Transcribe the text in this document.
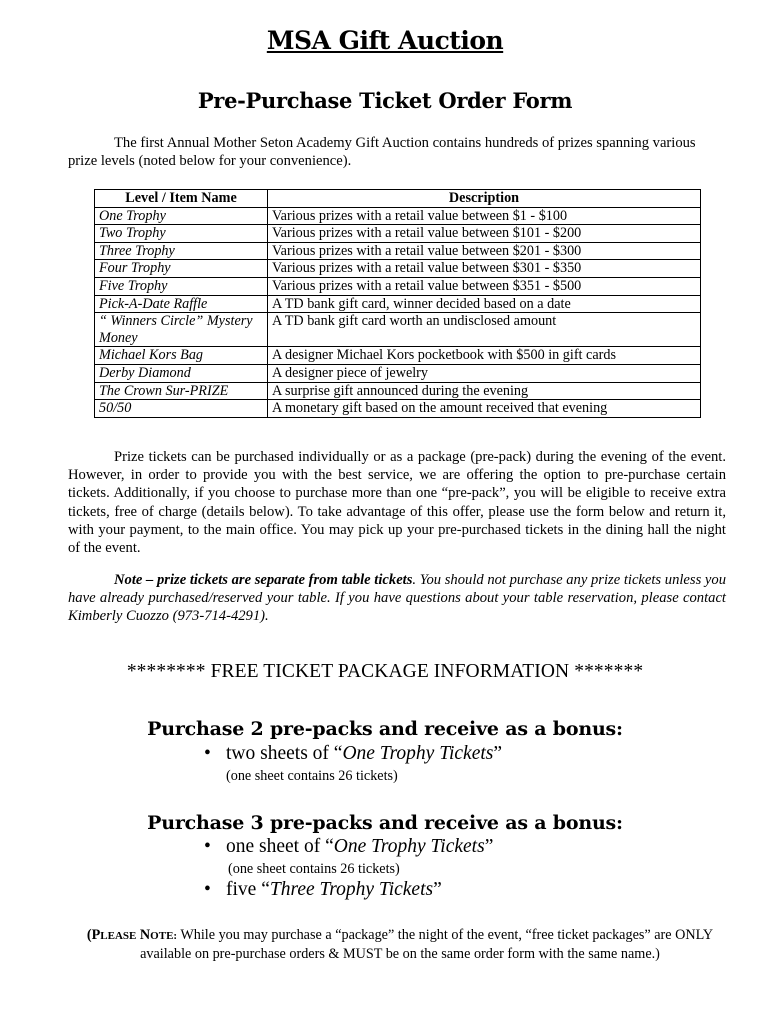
MSA Gift Auction
Pre-Purchase Ticket Order Form
The first Annual Mother Seton Academy Gift Auction contains hundreds of prizes spanning various prize levels (noted below for your convenience).
Level / Item Name	Description
One Trophy	Various prizes with a retail value between $1 - $100
Two Trophy	Various prizes with a retail value between $101 - $200
Three Trophy	Various prizes with a retail value between $201 - $300
Four Trophy	Various prizes with a retail value between $301 - $350
Five Trophy	Various prizes with a retail value between $351 - $500
Pick-A-Date Raffle	A TD bank gift card, winner decided based on a date
“ Winners Circle” Mystery Money	A TD bank gift card worth an undisclosed amount
Michael Kors Bag	A designer Michael Kors pocketbook with $500 in gift cards
Derby Diamond	A designer piece of jewelry
The Crown Sur-PRIZE	A surprise gift announced during the evening
50/50	A monetary gift based on the amount received that evening
Prize tickets can be purchased individually or as a package (pre-pack) during the evening of the event. However, in order to provide you with the best service, we are offering the option to pre-purchase certain tickets. Additionally, if you choose to purchase more than one “pre-pack”, you will be eligible to receive extra tickets, free of charge (details below). To take advantage of this offer, please use the form below and return it, with your payment, to the main office. You may pick up your pre-purchased tickets in the dining hall the night of the event.
Note – prize tickets are separate from table tickets. You should not purchase any prize tickets unless you have already purchased/reserved your table. If you have questions about your table reservation, please contact Kimberly Cuozzo (973-714-4291).
******** FREE TICKET PACKAGE INFORMATION *******
Purchase 2 pre-packs and receive as a bonus:
• two sheets of “One Trophy Tickets”
(one sheet contains 26 tickets)
Purchase 3 pre-packs and receive as a bonus:
• one sheet of “One Trophy Tickets”
(one sheet contains 26 tickets)
• five “Three Trophy Tickets”
(PLEASE NOTE: While you may purchase a “package” the night of the event, “free ticket packages” are ONLY available on pre-purchase orders & MUST be on the same order form with the same name.)
